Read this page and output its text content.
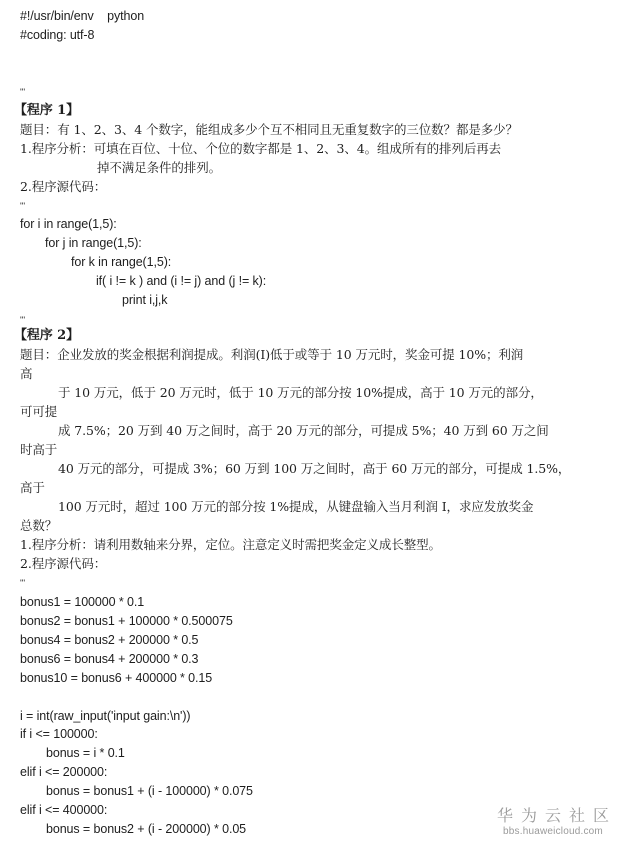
#!/usr/bin/env    python
#coding: utf-8
'''
【程序 1】
题目：有 1、2、3、4 个数字，能组成多少个互不相同且无重复数字的三位数？都是多少？
1.程序分析：可填在百位、十位、个位的数字都是 1、2、3、4。组成所有的排列后再去
掉不满足条件的排列。
2.程序源代码：
'''
for i in range(1,5):
for j in range(1,5):
for k in range(1,5):
if( i != k ) and (i != j) and (j != k):
print i,j,k
'''
【程序 2】
题目：企业发放的奖金根据利润提成。利润(I)低于或等于 10 万元时，奖金可提 10%；利润
高
于 10 万元，低于 20 万元时，低于 10 万元的部分按 10%提成，高于 10 万元的部分，
可可提
成 7.5%；20 万到 40 万之间时，高于 20 万元的部分，可提成 5%；40 万到 60 万之间
时高于
40 万元的部分，可提成 3%；60 万到 100 万之间时，高于 60 万元的部分，可提成 1.5%，
高于
100 万元时，超过 100 万元的部分按 1%提成，从键盘输入当月利润 I，求应发放奖金
总数？
1.程序分析：请利用数轴来分界，定位。注意定义时需把奖金定义成长整型。
2.程序源代码：
'''
bonus1 = 100000 * 0.1
bonus2 = bonus1 + 100000 * 0.500075
bonus4 = bonus2 + 200000 * 0.5
bonus6 = bonus4 + 200000 * 0.3
bonus10 = bonus6 + 400000 * 0.15
i = int(raw_input('input gain:\n'))
if i <= 100000:
bonus = i * 0.1
elif i <= 200000:
bonus = bonus1 + (i - 100000) * 0.075
elif i <= 400000:
bonus = bonus2 + (i - 200000) * 0.05
华为云社区
bbs.huaweicloud.com
